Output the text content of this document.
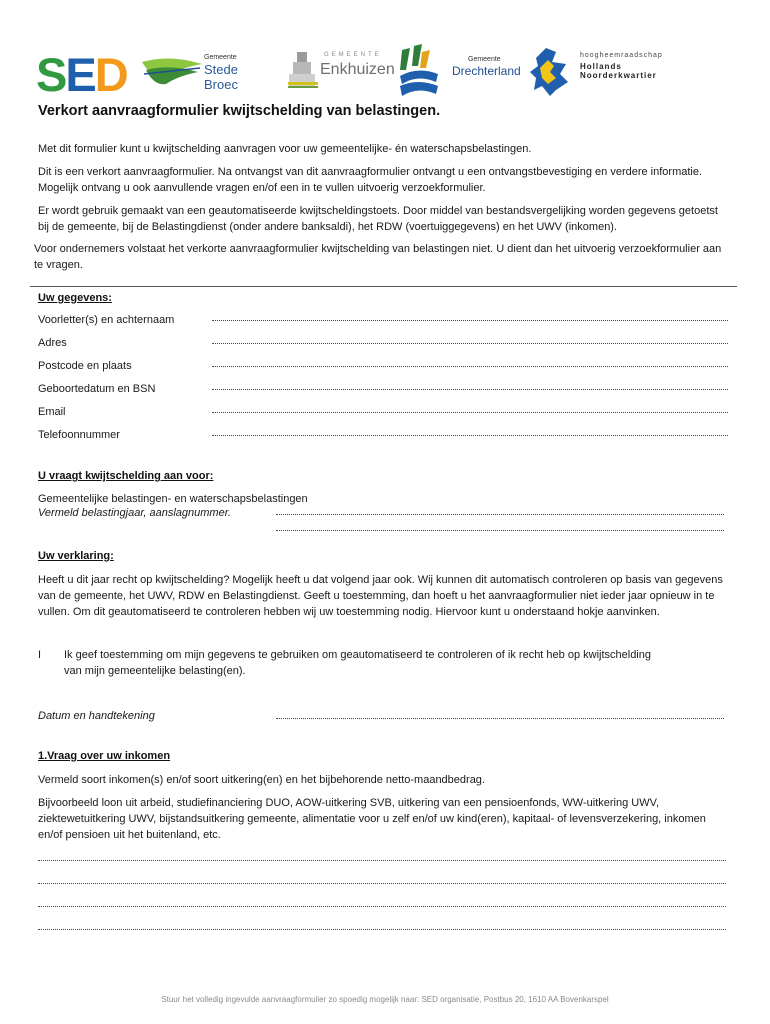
SED	Gemeente
Stede Broec
GEMEENTE
Enkhuizen
Gemeente
Drechterland
hoogheemraadschap
Hollands
Noorderkwartier
Verkort aanvraagformulier kwijtschelding van belastingen.
Met dit formulier kunt u kwijtschelding aanvragen voor uw gemeentelijke- én waterschapsbelastingen.
Dit is een verkort aanvraagformulier. Na ontvangst van dit aanvraagformulier ontvangt u een ontvangstbevestiging en verdere informatie. Mogelijk ontvang u ook aanvullende vragen en/of een in te vullen uitvoerig verzoekformulier.
Er wordt gebruik gemaakt van een geautomatiseerde kwijtscheldingstoets. Door middel van bestandsvergelijking worden gegevens getoetst bij de gemeente, bij de Belastingdienst (onder andere banksaldi), het RDW (voertuiggegevens) en het UWV (inkomen).
Voor ondernemers volstaat het verkorte aanvraagformulier kwijtschelding van belastingen niet. U dient dan het uitvoerig verzoekformulier aan te vragen.
Uw gegevens:
Voorletter(s) en achternaam
Adres
Postcode en plaats
Geboortedatum en BSN
Email
Telefoonnummer
U vraagt kwijtschelding aan voor:
Gemeentelijke belastingen- en waterschapsbelastingen
Vermeld belastingjaar, aanslagnummer.
Uw verklaring:
Heeft u dit jaar recht op kwijtschelding? Mogelijk heeft u dat volgend jaar ook. Wij kunnen dit automatisch controleren op basis van gegevens van de gemeente, het UWV, RDW en Belastingdienst. Geeft u toestemming, dan hoeft u het aanvraagformulier niet ieder jaar opnieuw in te vullen. Om dit geautomatiseerd te controleren hebben wij uw toestemming nodig. Hiervoor kunt u onderstaand hokje aanvinken.
I	Ik geef toestemming om mijn gegevens te gebruiken om geautomatiseerd te controleren of ik recht heb op kwijtschelding van mijn gemeentelijke belasting(en).
Datum en handtekening
1.Vraag over uw inkomen
Vermeld soort inkomen(s) en/of soort uitkering(en) en het bijbehorende netto-maandbedrag.
Bijvoorbeeld loon uit arbeid, studiefinanciering DUO, AOW-uitkering SVB, uitkering van een pensioenfonds, WW-uitkering UWV, ziektewetuitkering UWV, bijstandsuitkering gemeente, alimentatie voor u zelf en/of uw kind(eren), kapitaal- of levensverzekering, inkomen en/of pensioen uit het buitenland, etc.
Stuur het volledig ingevulde aanvraagformulier zo spoedig mogelijk naar: SED organisatie, Postbus 20, 1610 AA Bovenkarspel
